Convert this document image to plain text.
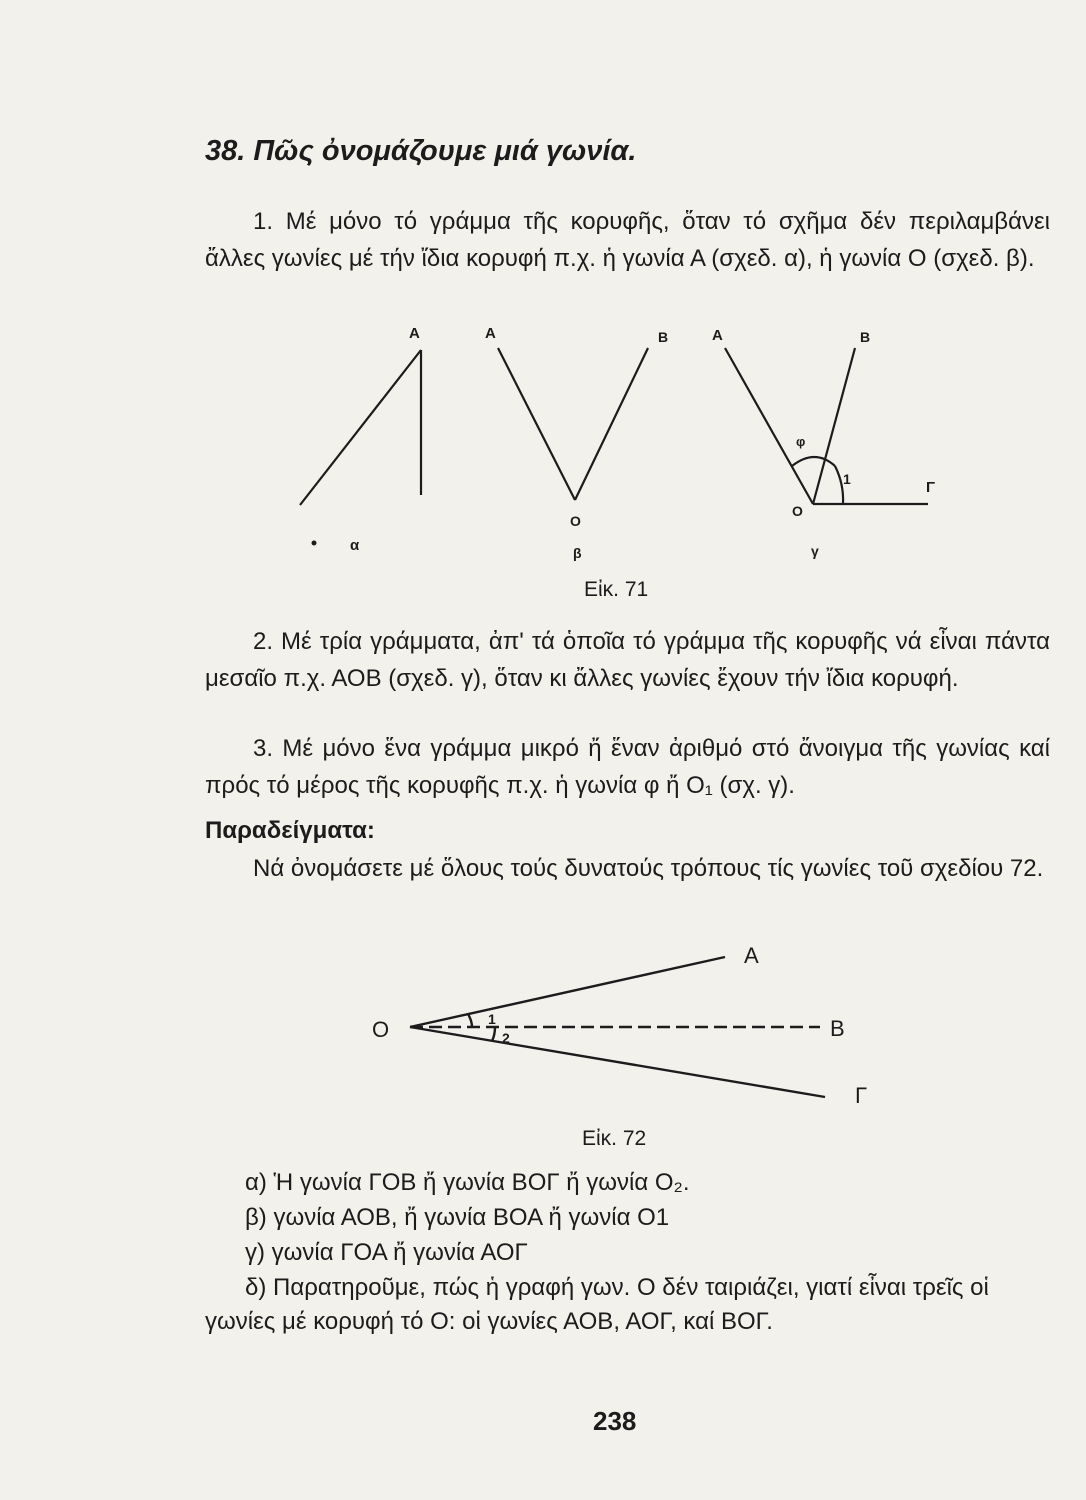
38. Πῶς ὀνομάζουμε μιά γωνία.
1. Μέ μόνο τό γράμμα τῆς κορυφῆς, ὅταν τό σχῆμα δέν περιλαμβάνει ἄλλες γωνίες μέ τήν ἴδια κορυφή π.χ. ἡ γωνία Α (σχεδ. α), ἡ γωνία Ο (σχεδ. β).
Α
α
Α	Β
Ο
β
Α	Β
φ
1	Γ
Ο
γ
Εἰκ. 71
2. Μέ τρία γράμματα, ἀπ' τά ὁποῖα τό γράμμα τῆς κορυφῆς νά εἶναι πάντα μεσαῖο π.χ. ΑΟΒ (σχεδ. γ), ὅταν κι ἄλλες γωνίες ἔχουν τήν ἴδια κορυφή.
3. Μέ μόνο ἕνα γράμμα μικρό ἤ ἕναν ἀριθμό στό ἄνοιγμα τῆς γωνίας καί πρός τό μέρος τῆς κορυφῆς π.χ. ἡ γωνία φ ἤ Ο₁ (σχ. γ).
Παραδείγματα:
Νά ὀνομάσετε μέ ὅλους τούς δυνατούς τρόπους τίς γωνίες τοῦ σχεδίου 72.
Ο
Α
Β
Γ
1
2
Εἰκ. 72
α) Ἡ γωνία ΓΟΒ ἤ γωνία ΒΟΓ ἤ γωνία Ο₂.
β) γωνία ΑΟΒ, ἤ γωνία ΒΟΑ ἤ γωνία Ο1
γ) γωνία ΓΟΑ ἤ γωνία ΑΟΓ
δ) Παρατηροῦμε, πώς ἡ γραφή γων. Ο δέν ταιριάζει, γιατί εἶναι τρεῖς οἱ γωνίες μέ κορυφή τό Ο: οἱ γωνίες ΑΟΒ, ΑΟΓ, καί ΒΟΓ.
238
